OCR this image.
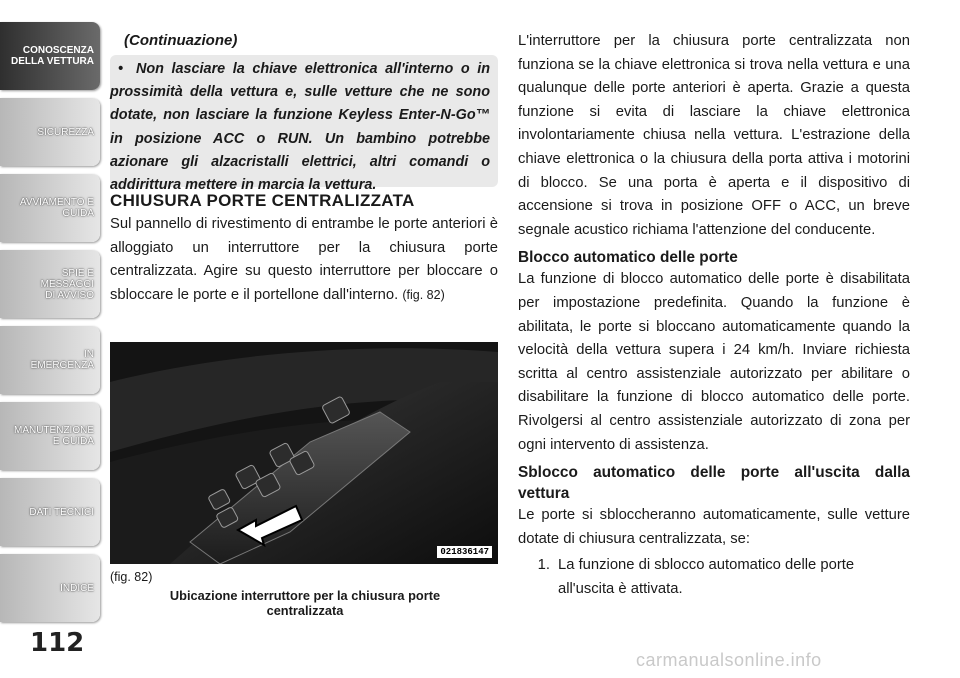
CONOSCENZA
DELLA VETTURA
SICUREZZA
AVVIAMENTO E
GUIDA
SPIE E
MESSAGGI
DI AVVISO
IN
EMERGENZA
MANUTENZIONE
E GUIDA
DATI TECNICI
INDICE
112
(Continuazione)
• Non lasciare la chiave elettronica all'interno o in prossimità della vettura e, sulle vetture che ne sono dotate, non lasciare la funzione Keyless Enter-N-Go™ in posizione ACC o RUN. Un bambino potrebbe azionare gli alzacristalli elettrici, altri comandi o addirittura mettere in marcia la vettura.
CHIUSURA PORTE CENTRALIZZATA
Sul pannello di rivestimento di entrambe le porte anteriori è alloggiato un interruttore per la chiusura porte centralizzata. Agire su questo interruttore per bloccare o sbloccare le porte e il portellone dall'interno. (fig. 82)
021836147
(fig. 82)
Ubicazione interruttore per la chiusura porte centralizzata

L'interruttore per la chiusura porte centralizzata non funziona se la chiave elettronica si trova nella vettura e una qualunque delle porte anteriori è aperta. Grazie a questa funzione si evita di lasciare la chiave elettronica involontariamente chiusa nella vettura. L'estrazione della chiave elettronica o la chiusura della porta attiva i motorini di blocco. Se una porta è aperta e il dispositivo di accensione si trova in posizione OFF o ACC, un breve segnale acustico richiama l'attenzione del conducente.

Blocco automatico delle porte

La funzione di blocco automatico delle porte è disabilitata per impostazione predefinita. Quando la funzione è abilitata, le porte si bloccano automaticamente quando la velocità della vettura supera i 24 km/h. Inviare richiesta scritta al centro assistenziale autorizzato per abilitare o disabilitare la funzione di blocco automatico delle porte. Rivolgersi al centro assistenziale autorizzato di zona per ogni intervento di assistenza.

Sblocco automatico delle porte all'uscita dalla vettura

Le porte si sbloccheranno automaticamente, sulle vetture dotate di chiusura centralizzata, se:

1. La funzione di sblocco automatico delle porte all'uscita è attivata.
carmanualsonline.info
